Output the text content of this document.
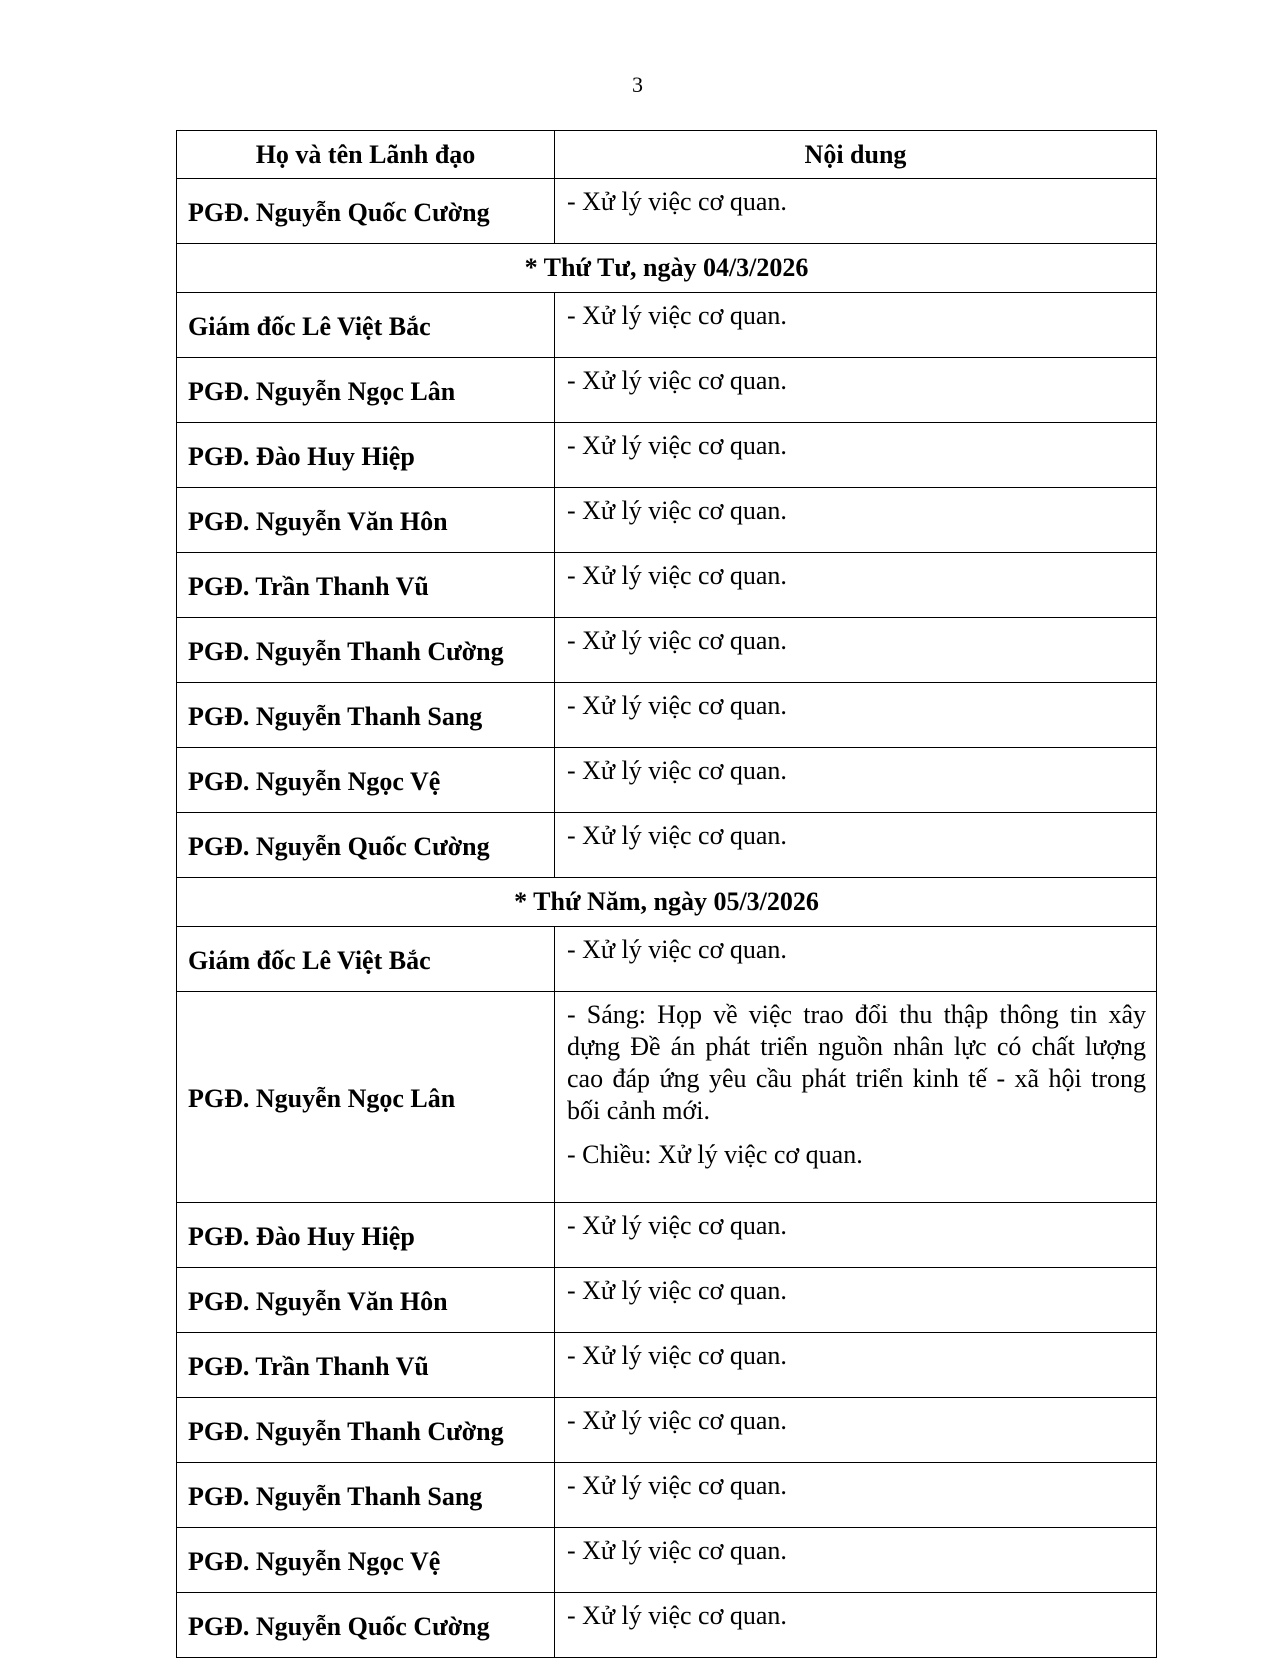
3
Họ và tên Lãnh đạo	Nội dung
PGĐ. Nguyễn Quốc Cường	- Xử lý việc cơ quan.

* Thứ Tư, ngày 04/3/2026	
Giám đốc Lê Việt Bắc	- Xử lý việc cơ quan.

PGĐ. Nguyễn Ngọc Lân	- Xử lý việc cơ quan.

PGĐ. Đào Huy Hiệp	- Xử lý việc cơ quan.

PGĐ. Nguyễn Văn Hôn	- Xử lý việc cơ quan.

PGĐ. Trần Thanh Vũ	- Xử lý việc cơ quan.

PGĐ. Nguyễn Thanh Cường	- Xử lý việc cơ quan.

PGĐ. Nguyễn Thanh Sang	- Xử lý việc cơ quan.

PGĐ. Nguyễn Ngọc Vệ	- Xử lý việc cơ quan.

PGĐ. Nguyễn Quốc Cường	- Xử lý việc cơ quan.

* Thứ Năm, ngày 05/3/2026	
Giám đốc Lê Việt Bắc	- Xử lý việc cơ quan.

PGĐ. Nguyễn Ngọc Lân	- Sáng: Họp về việc trao đổi thu thập thông tin xây dựng Đề án phát triển nguồn nhân lực có chất lượng cao đáp ứng yêu cầu phát triển kinh tế - xã hội trong bối cảnh mới.

- Chiều: Xử lý việc cơ quan.

PGĐ. Đào Huy Hiệp	- Xử lý việc cơ quan.

PGĐ. Nguyễn Văn Hôn	- Xử lý việc cơ quan.

PGĐ. Trần Thanh Vũ	- Xử lý việc cơ quan.

PGĐ. Nguyễn Thanh Cường	- Xử lý việc cơ quan.

PGĐ. Nguyễn Thanh Sang	- Xử lý việc cơ quan.

PGĐ. Nguyễn Ngọc Vệ	- Xử lý việc cơ quan.

PGĐ. Nguyễn Quốc Cường	- Xử lý việc cơ quan.
